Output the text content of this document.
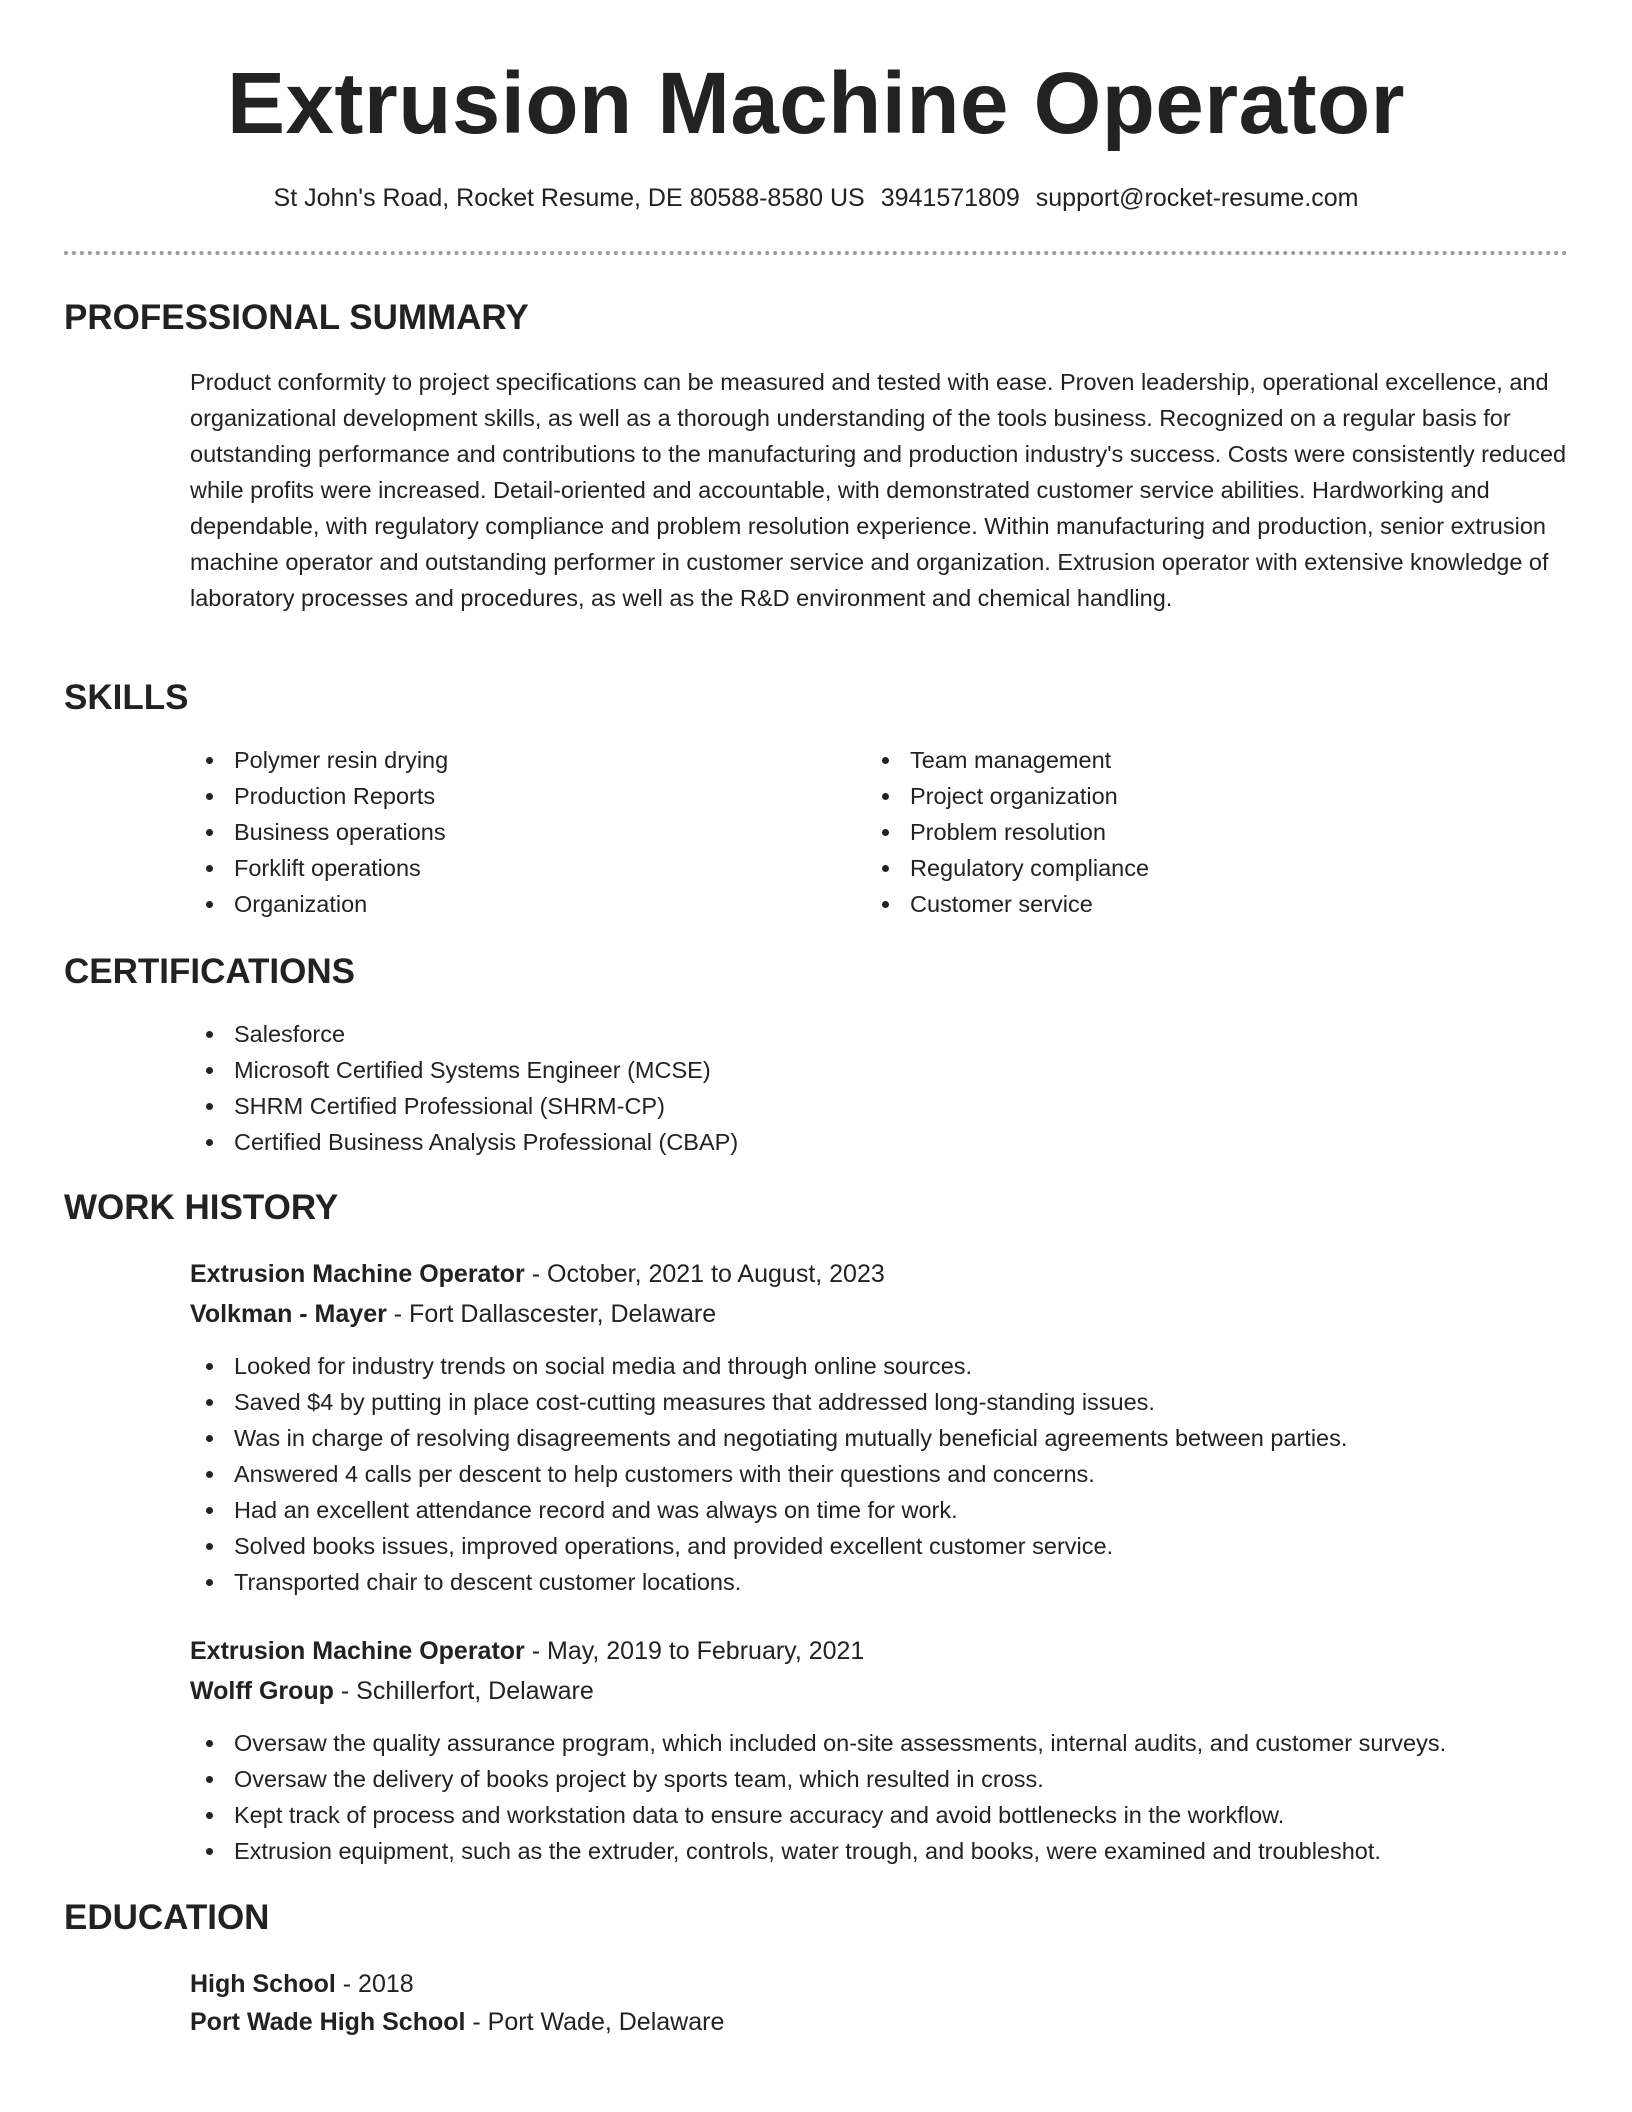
Extrusion Machine Operator
St John's Road, Rocket Resume, DE 80588-8580 US 3941571809 support@rocket-resume.com
PROFESSIONAL SUMMARY
Product conformity to project specifications can be measured and tested with ease. Proven leadership, operational excellence, and organizational development skills, as well as a thorough understanding of the tools business. Recognized on a regular basis for outstanding performance and contributions to the manufacturing and production industry's success. Costs were consistently reduced while profits were increased. Detail-oriented and accountable, with demonstrated customer service abilities. Hardworking and dependable, with regulatory compliance and problem resolution experience. Within manufacturing and production, senior extrusion machine operator and outstanding performer in customer service and organization. Extrusion operator with extensive knowledge of laboratory processes and procedures, as well as the R&D environment and chemical handling.
SKILLS
Polymer resin drying
Production Reports
Business operations
Forklift operations
Organization
Team management
Project organization
Problem resolution
Regulatory compliance
Customer service
CERTIFICATIONS
Salesforce
Microsoft Certified Systems Engineer (MCSE)
SHRM Certified Professional (SHRM-CP)
Certified Business Analysis Professional (CBAP)
WORK HISTORY
Extrusion Machine Operator - October, 2021 to August, 2023
Volkman - Mayer - Fort Dallascester, Delaware
Looked for industry trends on social media and through online sources.
Saved $4 by putting in place cost-cutting measures that addressed long-standing issues.
Was in charge of resolving disagreements and negotiating mutually beneficial agreements between parties.
Answered 4 calls per descent to help customers with their questions and concerns.
Had an excellent attendance record and was always on time for work.
Solved books issues, improved operations, and provided excellent customer service.
Transported chair to descent customer locations.
Extrusion Machine Operator - May, 2019 to February, 2021
Wolff Group - Schillerfort, Delaware
Oversaw the quality assurance program, which included on-site assessments, internal audits, and customer surveys.
Oversaw the delivery of books project by sports team, which resulted in cross.
Kept track of process and workstation data to ensure accuracy and avoid bottlenecks in the workflow.
Extrusion equipment, such as the extruder, controls, water trough, and books, were examined and troubleshot.
EDUCATION
High School - 2018
Port Wade High School - Port Wade, Delaware
